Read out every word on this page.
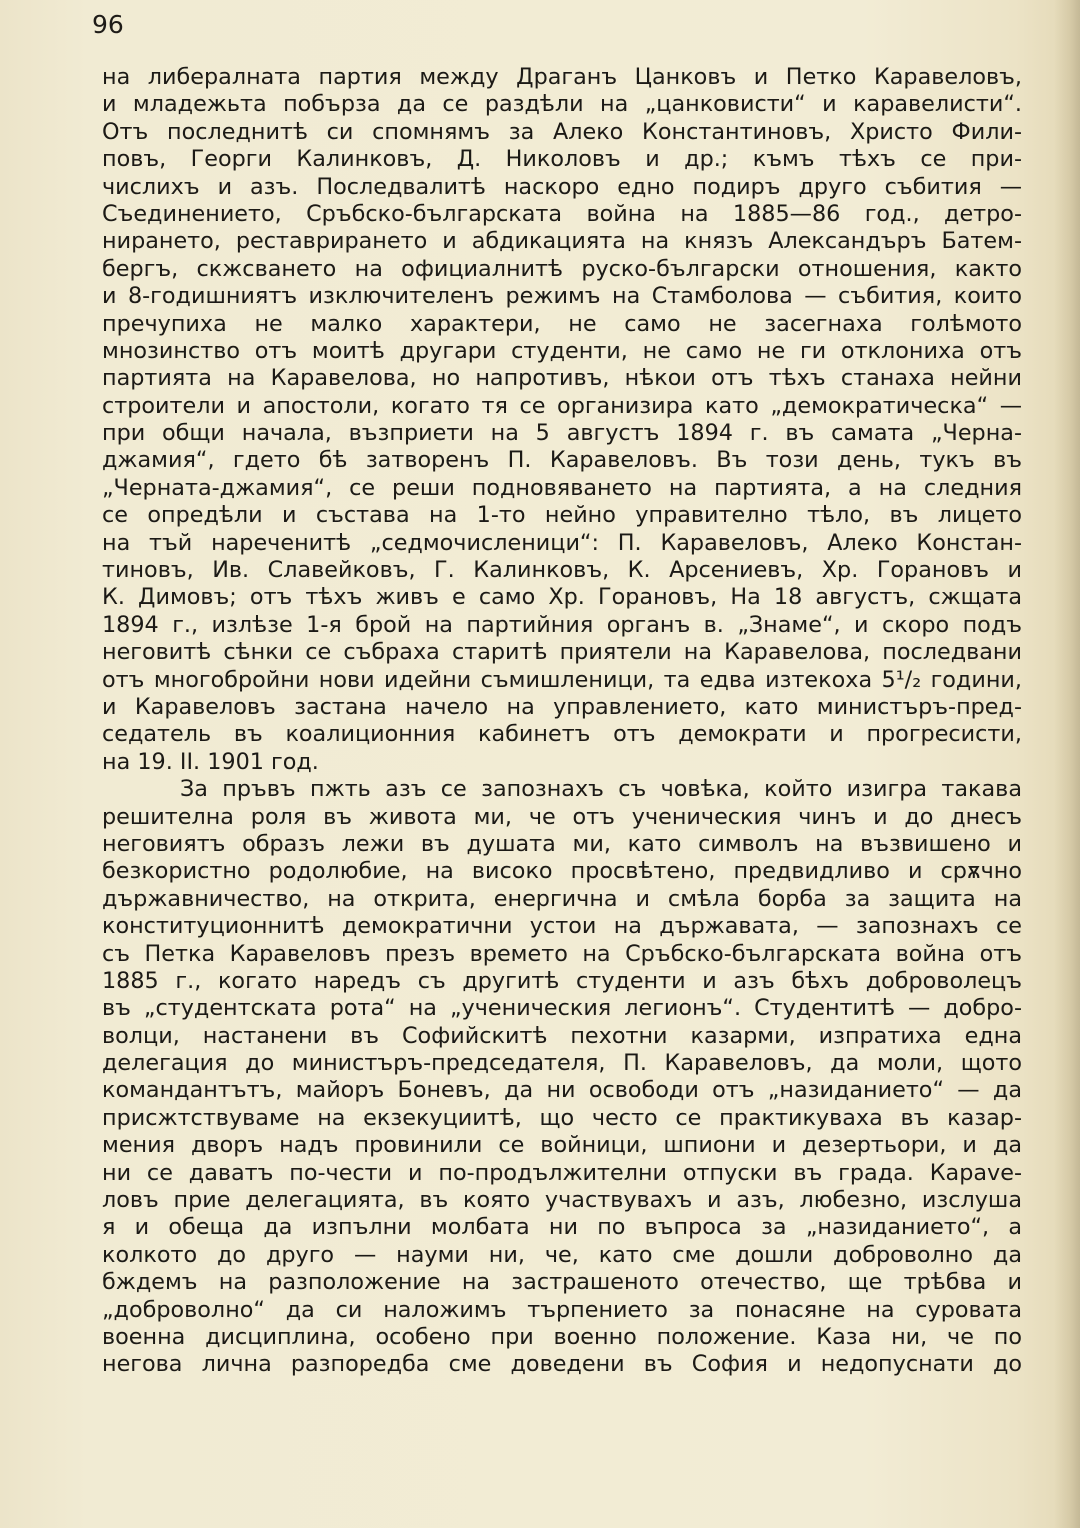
96
на либералната партия между Драганъ Цанковъ и Петко Каравеловъ,
и младежьта побърза да се раздѣли на „цанковисти“ и каравелисти“.
Отъ последнитѣ си спомнямъ за Алеко Константиновъ, Христо Фили-
повъ, Георги Калинковъ, Д. Николовъ и др.; къмъ тѣхъ се при-
числихъ и азъ. Последвалитѣ наскоро едно подиръ друго събития —
Съединението, Сръбско-българската война на 1885—86 год., детро-
нирането, реставрирането и абдикацията на князъ Александъръ Батем-
бергъ, скжсването на официалнитѣ руско-български отношения, както
и 8-годишниятъ изключителенъ режимъ на Стамболова — събития, които
пречупиха не малко характери, не само не засегнаха голѣмото
мнозинство отъ моитѣ другари студенти, не само не ги отклониха отъ
партията на Каравелова, но напротивъ, нѣкои отъ тѣхъ станаха нейни
строители и апостоли, когато тя се организира като „демократическа“ —
при общи начала, възприети на 5 августъ 1894 г. въ самата „Черна-
джамия“, гдето бѣ затворенъ П. Каравеловъ. Въ този день, тукъ въ
„Черната-джамия“, се реши подновяването на партията, а на следния
се опредѣли и състава на 1-то нейно управително тѣло, въ лицето
на тъй нареченитѣ „седмочисленици“: П. Каравеловъ, Алеко Констан-
тиновъ, Ив. Славейковъ, Г. Калинковъ, К. Арсениевъ, Хр. Горановъ и
К. Димовъ; отъ тѣхъ живъ е само Хр. Горановъ, На 18 августъ, сжщата
1894 г., излѣзе 1-я брой на партийния органъ в. „Знаме“, и скоро подъ
неговитѣ сѣнки се събраха старитѣ приятели на Каравелова, последвани
отъ многобройни нови идейни съмишленици, та едва изтекоха 5¹/₂ години,
и Каравеловъ застана начело на управлението, като министъръ-пред-
седатель въ коалиционния кабинетъ отъ демократи и прогресисти,
на 19. II. 1901 год.
За пръвъ пжть азъ се запознахъ съ човѣка, който изигра такава
решителна роля въ живота ми, че отъ ученическия чинъ и до днесъ
неговиятъ образъ лежи въ душата ми, като символъ на възвишено и
безкористно родолюбие, на високо просвѣтено, предвидливо и срѫчно
държавничество, на открита, енергична и смѣла борба за защита на
конституционнитѣ демократични устои на държавата, — запознахъ се
съ Петка Каравеловъ презъ времето на Сръбско-българската война отъ
1885 г., когато наредъ съ другитѣ студенти и азъ бѣхъ доброволецъ
въ „студентската рота“ на „ученическия легионъ“. Студентитѣ — добро-
волци, настанени въ Софийскитѣ пехотни казарми, изпратиха една
делегация до министъръ-председателя, П. Каравеловъ, да моли, щото
командантътъ, майоръ Боневъ, да ни освободи отъ „назиданието“ — да
присжтствуваме на екзекуциитѣ, що често се практикуваха въ казар-
мения дворъ надъ провинили се войници, шпиони и дезертьори, и да
ни се даватъ по-чести и по-продължителни отпуски въ града. Карave-
ловъ прие делегацията, въ която участвувахъ и азъ, любезно, изслуша
я и обеща да изпълни молбата ни по въпроса за „назиданието“, а
колкото до друго — науми ни, че, като сме дошли доброволно да
бждемъ на разположение на застрашеното отечество, ще трѣбва и
„доброволно“ да си наложимъ търпението за понасяне на суровата
военна дисциплина, особено при военно положение. Каза ни, че по
негова лична разпоредба сме доведени въ София и недопуснати до
